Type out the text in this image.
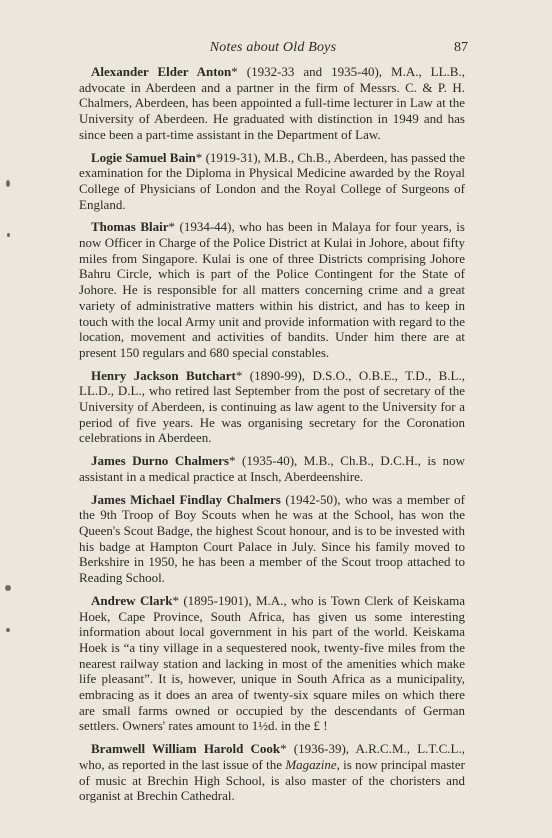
Notes about Old Boys	87

Alexander Elder Anton* (1932-33 and 1935-40), M.A., LL.B., advocate in Aberdeen and a partner in the firm of Messrs. C. & P. H. Chalmers, Aberdeen, has been appointed a full-time lecturer in Law at the University of Aberdeen. He graduated with distinction in 1949 and has since been a part-time assistant in the Department of Law.

Logie Samuel Bain* (1919-31), M.B., Ch.B., Aberdeen, has passed the examination for the Diploma in Physical Medicine awarded by the Royal College of Physicians of London and the Royal College of Surgeons of England.

Thomas Blair* (1934-44), who has been in Malaya for four years, is now Officer in Charge of the Police District at Kulai in Johore, about fifty miles from Singapore. Kulai is one of three Districts comprising Johore Bahru Circle, which is part of the Police Contingent for the State of Johore. He is responsible for all matters concerning crime and a great variety of administrative matters within his district, and has to keep in touch with the local Army unit and provide information with regard to the location, movement and activities of bandits. Under him there are at present 150 regulars and 680 special constables.

Henry Jackson Butchart* (1890-99), D.S.O., O.B.E., T.D., B.L., LL.D., D.L., who retired last September from the post of secretary of the University of Aberdeen, is continuing as law agent to the University for a period of five years. He was organising secretary for the Coronation celebrations in Aberdeen.

James Durno Chalmers* (1935-40), M.B., Ch.B., D.C.H., is now assistant in a medical practice at Insch, Aberdeenshire.

James Michael Findlay Chalmers (1942-50), who was a member of the 9th Troop of Boy Scouts when he was at the School, has won the Queen's Scout Badge, the highest Scout honour, and is to be invested with his badge at Hampton Court Palace in July. Since his family moved to Berkshire in 1950, he has been a member of the Scout troop attached to Reading School.

Andrew Clark* (1895-1901), M.A., who is Town Clerk of Keiskama Hoek, Cape Province, South Africa, has given us some interesting information about local government in his part of the world. Keiskama Hoek is “a tiny village in a sequestered nook, twenty-five miles from the nearest railway station and lacking in most of the amenities which make life pleasant”. It is, however, unique in South Africa as a municipality, embracing as it does an area of twenty-six square miles on which there are small farms owned or occupied by the descendants of German settlers. Owners' rates amount to 1½d. in the £ !

Bramwell William Harold Cook* (1936-39), A.R.C.M., L.T.C.L., who, as reported in the last issue of the Magazine, is now principal master of music at Brechin High School, is also master of the choristers and organist at Brechin Cathedral.
